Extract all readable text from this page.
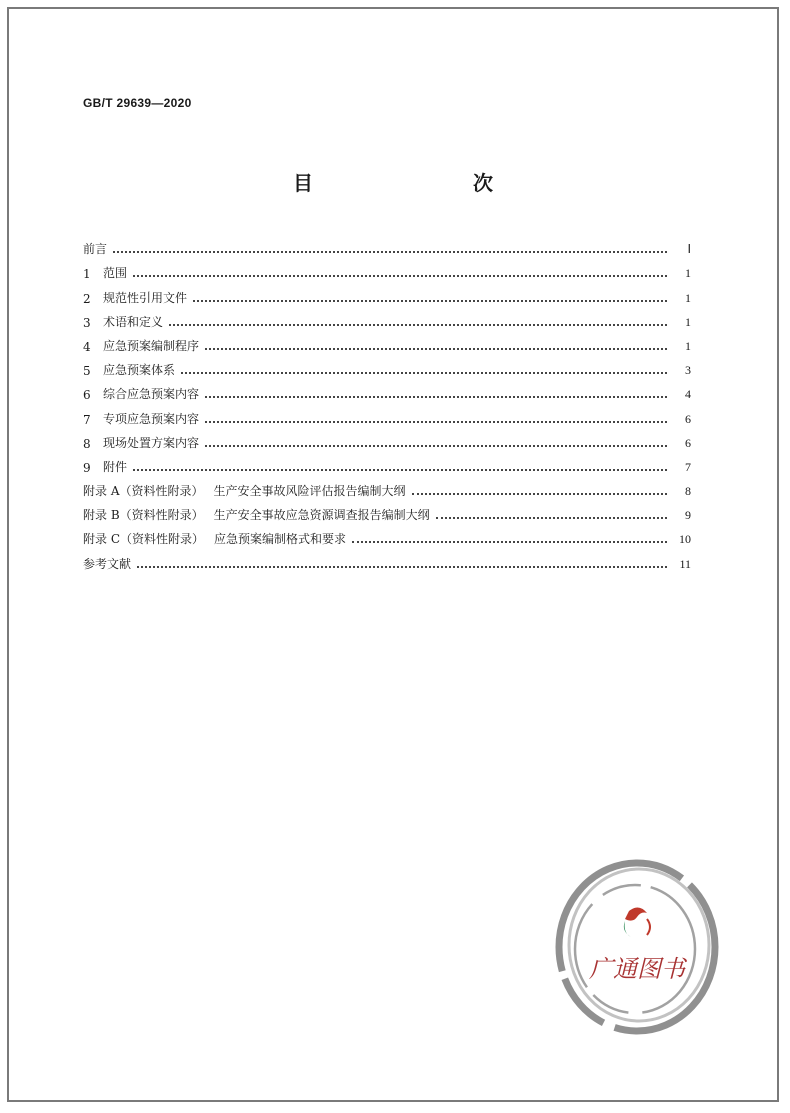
GB/T 29639—2020
目　　次
前言	Ⅰ
1	范围	1
2	规范性引用文件	1
3	术语和定义	1
4	应急预案编制程序	1
5	应急预案体系	3
6	综合应急预案内容	4
7	专项应急预案内容	6
8	现场处置方案内容	6
9	附件	7
附录 A（资料性附录） 生产安全事故风险评估报告编制大纲	8
附录 B（资料性附录） 生产安全事故应急资源调查报告编制大纲	9
附录 C（资料性附录） 应急预案编制格式和要求	10
参考文献	11
广通图书
